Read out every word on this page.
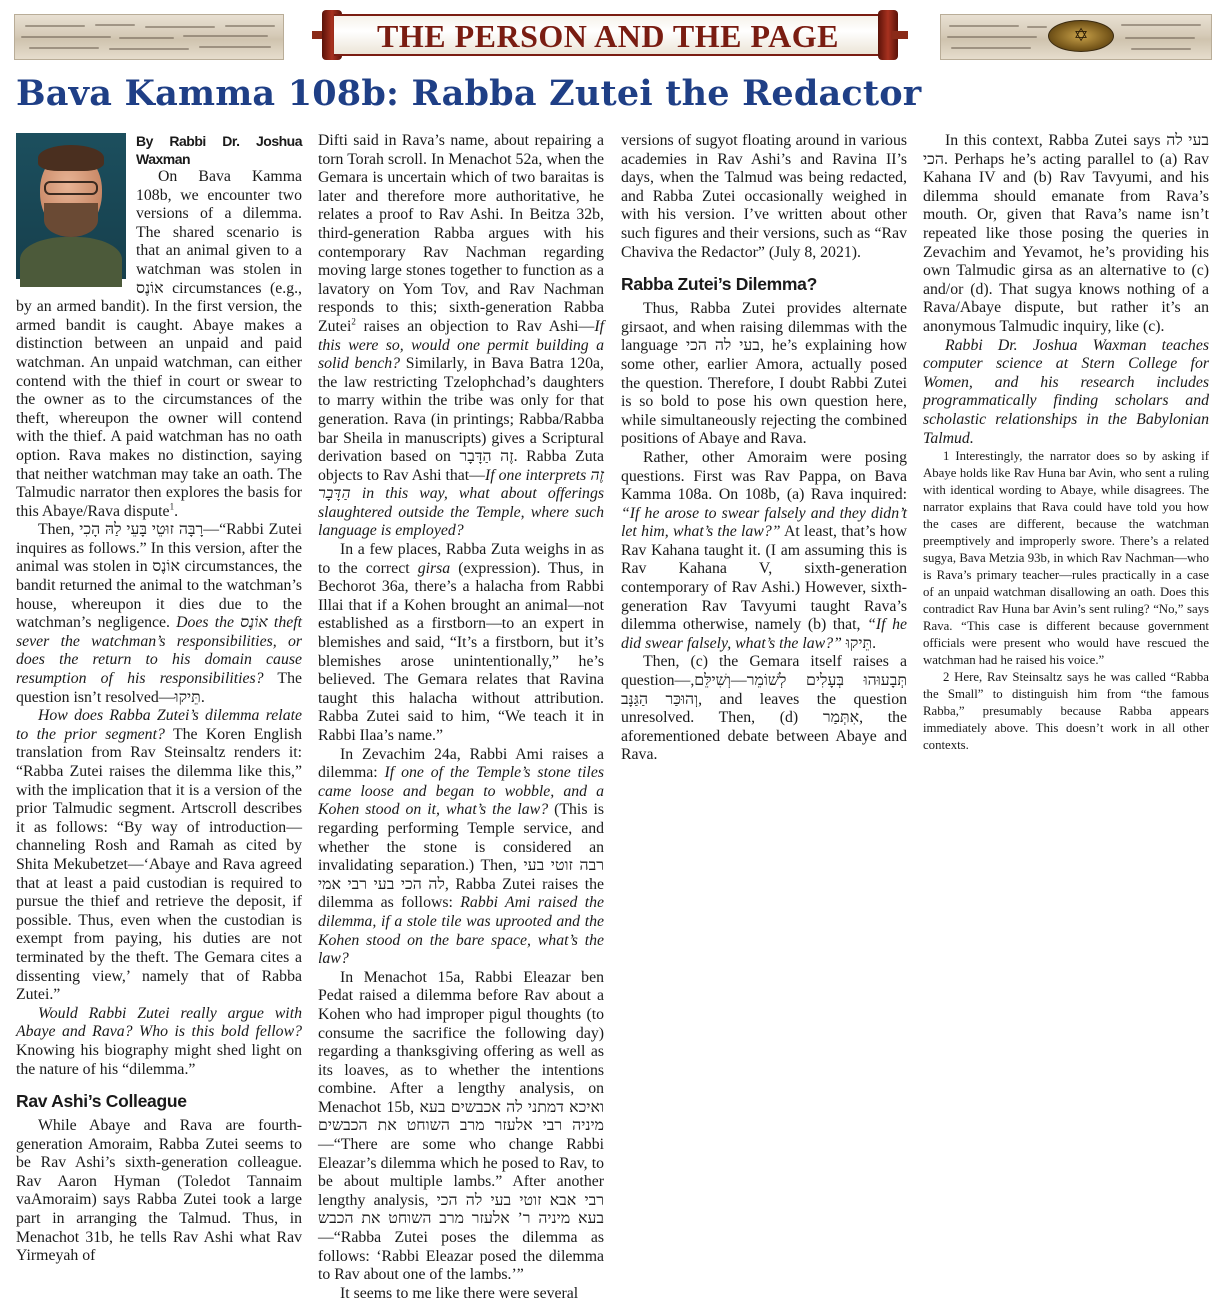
THE PERSON AND THE PAGE	✡
Bava Kamma 108b: Rabba Zutei the Redactor

By Rabbi Dr. Joshua Waxman

On Bava Kamma 108b, we encounter two versions of a dilemma. The shared scenario is that an animal given to a watchman was stolen in אוֹנֶס circumstances (e.g., by an armed bandit). In the first version, the armed bandit is caught. Abaye makes a distinction between an unpaid and paid watchman. An unpaid watchman, can either contend with the thief in court or swear to the owner as to the circumstances of the theft, whereupon the owner will contend with the thief. A paid watchman has no oath option. Rava makes no distinction, saying that neither watchman may take an oath. The Talmudic narrator then explores the basis for this Abaye/Rava dispute$^1$.

Then, רָבָּה זוּטֵי בָּעֵי לַהּ הָכִי—“Rabbi Zutei inquires as follows.” In this version, after the animal was stolen in אוֹנֶס circumstances, the bandit returned the animal to the watchman’s house, whereupon it dies due to the watchman’s negligence. Does the אוֹנֶס theft sever the watchman’s responsibilities, or does the return to his domain cause resumption of his responsibilities? The question isn’t resolved—תֵּיקוּ.

How does Rabba Zutei’s dilemma relate to the prior segment? The Koren English translation from Rav Steinsaltz renders it: “Rabba Zutei raises the dilemma like this,” with the implication that it is a version of the prior Talmudic segment. Artscroll describes it as follows: “By way of introduction—channeling Rosh and Ramah as cited by Shita Mekubetzet—‘Abaye and Rava agreed that at least a paid custodian is required to pursue the thief and retrieve the deposit, if possible. Thus, even when the custodian is exempt from paying, his duties are not terminated by the theft. The Gemara cites a dissenting view,’ namely that of Rabba Zutei.”

Would Rabbi Zutei really argue with Abaye and Rava? Who is this bold fellow? Knowing his biography might shed light on the nature of his “dilemma.”

Rav Ashi’s Colleague

While Abaye and Rava are fourth-generation Amoraim, Rabba Zutei seems to be Rav Ashi’s sixth-generation colleague. Rav Aaron Hyman (Toledot Tannaim vaAmoraim) says Rabba Zutei took a large part in arranging the Talmud. Thus, in Menachot 31b, he tells Rav Ashi what Rav Yirmeyah of

Difti said in Rava’s name, about repairing a torn Torah scroll. In Menachot 52a, when the Gemara is uncertain which of two baraitas is later and therefore more authoritative, he relates a proof to Rav Ashi. In Beitza 32b, third-generation Rabba argues with his contemporary Rav Nachman regarding moving large stones together to function as a lavatory on Yom Tov, and Rav Nachman responds to this; sixth-generation Rabba Zutei$^2$ raises an objection to Rav Ashi—If this were so, would one permit building a solid bench? Similarly, in Bava Batra 120a, the law restricting Tzelophchad’s daughters to marry within the tribe was only for that generation. Rava (in printings; Rabba/Rabba bar Sheila in manuscripts) gives a Scriptural derivation based on זֶה הַדָּבָר. Rabba Zuta objects to Rav Ashi that—If one interprets זֶה הַדָּבָר in this way, what about offerings slaughtered outside the Temple, where such language is employed?

In a few places, Rabba Zuta weighs in as to the correct girsa (expression). Thus, in Bechorot 36a, there’s a halacha from Rabbi Illai that if a Kohen brought an animal—not established as a firstborn—to an expert in blemishes and said, “It’s a firstborn, but it’s blemishes arose unintentionally,” he’s believed. The Gemara relates that Ravina taught this halacha without attribution. Rabba Zutei said to him, “We teach it in Rabbi Ilaa’s name.”

In Zevachim 24a, Rabbi Ami raises a dilemma: If one of the Temple’s stone tiles came loose and began to wobble, and a Kohen stood on it, what’s the law? (This is regarding performing Temple service, and whether the stone is considered an invalidating separation.) Then, רבה זוטי בעי לה הכי בעי רבי אמי, Rabba Zutei raises the dilemma as follows: Rabbi Ami raised the dilemma, if a stole tile was uprooted and the Kohen stood on the bare space, what’s the law?

In Menachot 15a, Rabbi Eleazar ben Pedat raised a dilemma before Rav about a Kohen who had improper pigul thoughts (to consume the sacrifice the following day) regarding a thanksgiving offering as well as its loaves, as to whether the intentions combine. After a lengthy analysis, on Menachot 15b, ואיכא דמתני לה אכבשים בעא מיניה רבי אלעזר מרב השוחט את הכבשים—“There are some who change Rabbi Eleazar’s dilemma which he posed to Rav, to be about multiple lambs.” After another lengthy analysis, רבי אבא זוטי בעי לה הכי בעא מיניה ר’ אלעזר מרב השוחט את הכבש—“Rabba Zutei poses the dilemma as follows: ‘Rabbi Eleazar posed the dilemma to Rav about one of the lambs.’”

It seems to me like there were several

versions of sugyot floating around in various academies in Rav Ashi’s and Ravina II’s days, when the Talmud was being redacted, and Rabba Zutei occasionally weighed in with his version. I’ve written about other such figures and their versions, such as “Rav Chaviva the Redactor” (July 8, 2021).

Rabba Zutei’s Dilemma?

Thus, Rabba Zutei provides alternate girsaot, and when raising dilemmas with the language בעי לה הכי, he’s explaining how some other, earlier Amora, actually posed the question. Therefore, I doubt Rabbi Zutei is so bold to pose his own question here, while simultaneously rejecting the combined positions of Abaye and Rava.

Rather, other Amoraim were posing questions. First was Rav Pappa, on Bava Kamma 108a. On 108b, (a) Rava inquired: “If he arose to swear falsely and they didn’t let him, what’s the law?” At least, that’s how Rav Kahana taught it. (I am assuming this is Rav Kahana V, sixth-generation contemporary of Rav Ashi.) However, sixth-generation Rav Tavyumi taught Rava’s dilemma otherwise, namely (b) that, “If he did swear falsely, what’s the law?” תֵּיקוּ.

Then, (c) the Gemara itself raises a question—תְּבָעוּהוּ בְּעָלִים לְשׁוֹמֵר—וְשִׁילֵּם, וְהוּכַּר הַגַּנָּב, and leaves the question unresolved. Then, (d) אִתְּמַר, the aforementioned debate between Abaye and Rava.

In this context, Rabba Zutei says בעי לה הכי. Perhaps he’s acting parallel to (a) Rav Kahana IV and (b) Rav Tavyumi, and his dilemma should emanate from Rava’s mouth. Or, given that Rava’s name isn’t repeated like those posing the queries in Zevachim and Yevamot, he’s providing his own Talmudic girsa as an alternative to (c) and/or (d). That sugya knows nothing of a Rava/Abaye dispute, but rather it’s an anonymous Talmudic inquiry, like (c).

Rabbi Dr. Joshua Waxman teaches computer science at Stern College for Women, and his research includes programmatically finding scholars and scholastic relationships in the Babylonian Talmud.

1 Interestingly, the narrator does so by asking if Abaye holds like Rav Huna bar Avin, who sent a ruling with identical wording to Abaye, while disagrees. The narrator explains that Rava could have told you how the cases are different, because the watchman preemptively and improperly swore. There’s a related sugya, Bava Metzia 93b, in which Rav Nachman—who is Rava’s primary teacher—rules practically in a case of an unpaid watchman disallowing an oath. Does this contradict Rav Huna bar Avin’s sent ruling? “No,” says Rava. “This case is different because government officials were present who would have rescued the watchman had he raised his voice.”

2 Here, Rav Steinsaltz says he was called “Rabba the Small” to distinguish him from “the famous Rabba,” presumably because Rabba appears immediately above. This doesn’t work in all other contexts.
